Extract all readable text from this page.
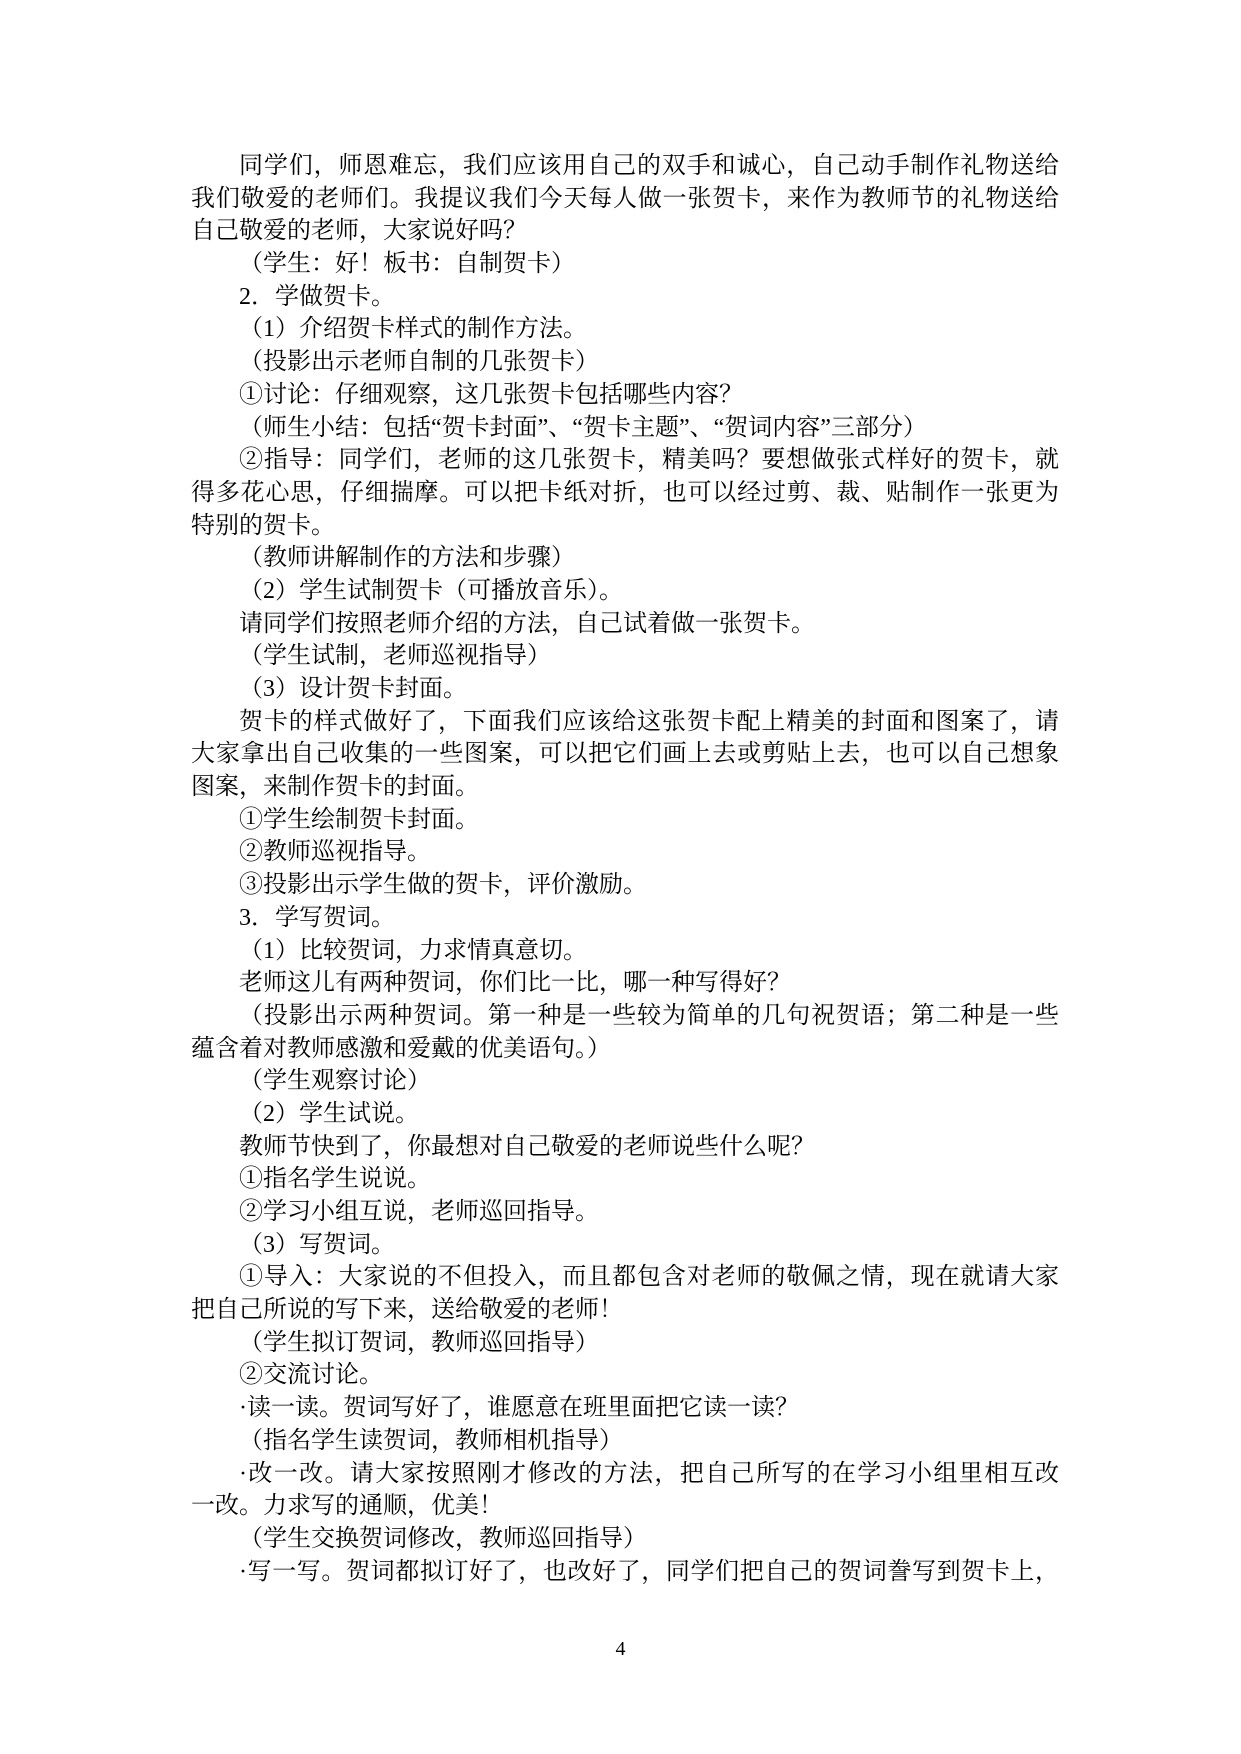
同学们，师恩难忘，我们应该用自己的双手和诚心，自己动手制作礼物送给
我们敬爱的老师们。我提议我们今天每人做一张贺卡，来作为教师节的礼物送给
自己敬爱的老师，大家说好吗？
（学生：好！板书：自制贺卡）
2．学做贺卡。
（1）介绍贺卡样式的制作方法。
（投影出示老师自制的几张贺卡）
①讨论：仔细观察，这几张贺卡包括哪些内容？
（师生小结：包括“贺卡封面”、“贺卡主题”、“贺词内容”三部分）
②指导：同学们，老师的这几张贺卡，精美吗？要想做张式样好的贺卡，就
得多花心思，仔细揣摩。可以把卡纸对折，也可以经过剪、裁、贴制作一张更为
特别的贺卡。
（教师讲解制作的方法和步骤）
（2）学生试制贺卡（可播放音乐）。
请同学们按照老师介绍的方法，自己试着做一张贺卡。
（学生试制，老师巡视指导）
（3）设计贺卡封面。
贺卡的样式做好了，下面我们应该给这张贺卡配上精美的封面和图案了，请
大家拿出自己收集的一些图案，可以把它们画上去或剪贴上去，也可以自己想象
图案，来制作贺卡的封面。
①学生绘制贺卡封面。
②教师巡视指导。
③投影出示学生做的贺卡，评价激励。
3．学写贺词。
（1）比较贺词，力求情真意切。
老师这儿有两种贺词，你们比一比，哪一种写得好？
（投影出示两种贺词。第一种是一些较为简单的几句祝贺语；第二种是一些
蕴含着对教师感激和爱戴的优美语句。）
（学生观察讨论）
（2）学生试说。
教师节快到了，你最想对自己敬爱的老师说些什么呢？
①指名学生说说。
②学习小组互说，老师巡回指导。
（3）写贺词。
①导入：大家说的不但投入，而且都包含对老师的敬佩之情，现在就请大家
把自己所说的写下来，送给敬爱的老师！
（学生拟订贺词，教师巡回指导）
②交流讨论。
·读一读。贺词写好了，谁愿意在班里面把它读一读？
（指名学生读贺词，教师相机指导）
·改一改。请大家按照刚才修改的方法，把自己所写的在学习小组里相互改
一改。力求写的通顺，优美！
（学生交换贺词修改，教师巡回指导）
·写一写。贺词都拟订好了，也改好了，同学们把自己的贺词誊写到贺卡上，
4
